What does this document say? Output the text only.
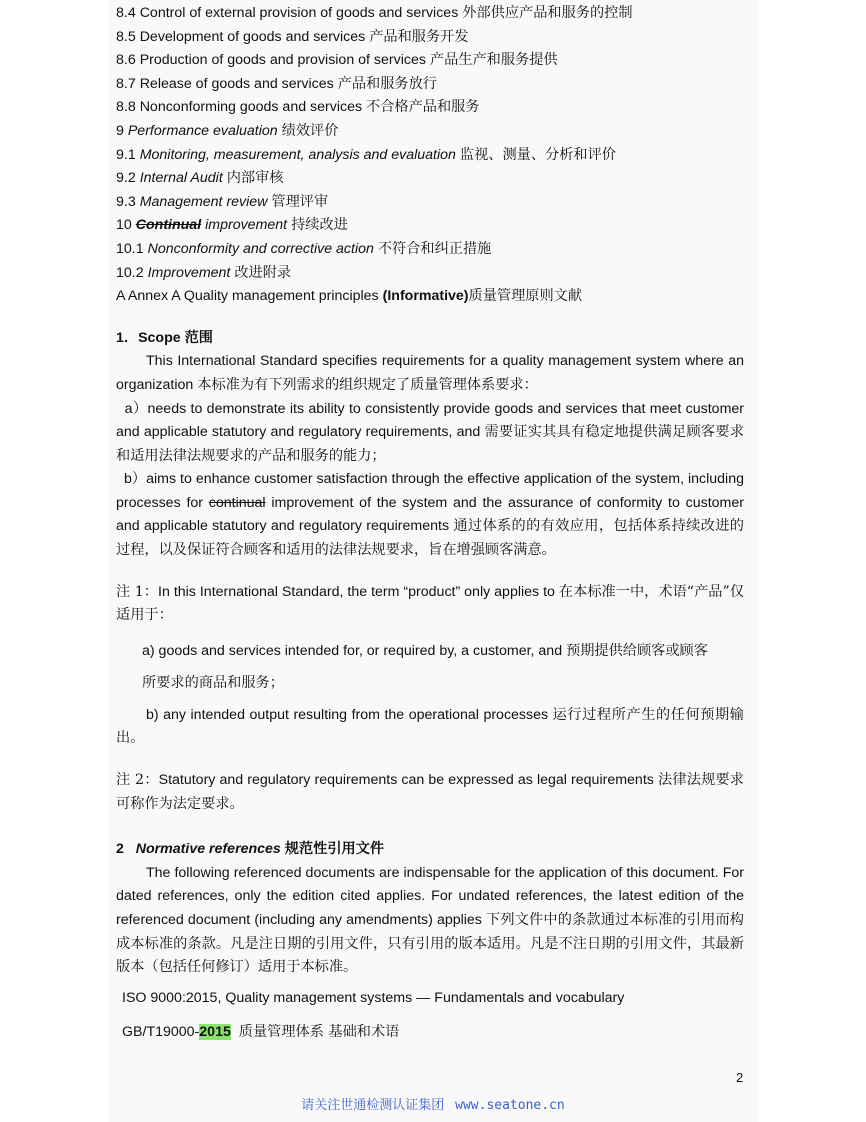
8.4 Control of external provision of goods and services 外部供应产品和服务的控制
8.5 Development of goods and services 产品和服务开发
8.6 Production of goods and provision of services 产品生产和服务提供
8.7 Release of goods and services 产品和服务放行
8.8 Nonconforming goods and services 不合格产品和服务
9 Performance evaluation 绩效评价
9.1 Monitoring, measurement, analysis and evaluation 监视、测量、分析和评价
9.2 Internal Audit 内部审核
9.3 Management review 管理评审
10 Continual improvement 持续改进
10.1 Nonconformity and corrective action 不符合和纠正措施
10.2 Improvement 改进附录
A Annex A Quality management principles (Informative)质量管理原则文献
1．Scope 范围
This International Standard specifies requirements for a quality management system where an organization 本标准为有下列需求的组织规定了质量管理体系要求：
a）needs to demonstrate its ability to consistently provide goods and services that meet customer and applicable statutory and regulatory requirements, and 需要证实其具有稳定地提供满足顾客要求和适用法律法规要求的产品和服务的能力；
b）aims to enhance customer satisfaction through the effective application of the system, including processes for continual improvement of the system and the assurance of conformity to customer and applicable statutory and regulatory requirements 通过体系的的有效应用，包括体系持续改进的过程，以及保证符合顾客和适用的法律法规要求，旨在增强顾客满意。
注 1：In this International Standard, the term “product” only applies to 在本标准一中，术语“产品”仅适用于：
a) goods and services intended for, or required by, a customer, and 预期提供给顾客或顾客
所要求的商品和服务；
b) any intended output resulting from the operational processes 运行过程所产生的任何预期输出。
注 2：Statutory and regulatory requirements can be expressed as legal requirements 法律法规要求可称作为法定要求。
2 Normative references 规范性引用文件
The following referenced documents are indispensable for the application of this document. For dated references, only the edition cited applies. For undated references, the latest edition of the referenced document (including any amendments) applies 下列文件中的条款通过本标准的引用而构成本标准的条款。凡是注日期的引用文件，只有引用的版本适用。凡是不注日期的引用文件，其最新版本（包括任何修订）适用于本标准。
ISO 9000:2015, Quality management systems — Fundamentals and vocabulary
GB/T19000-2015 质量管理体系 基础和术语
2
请关注世通检测认证集团 www.seatone.cn
